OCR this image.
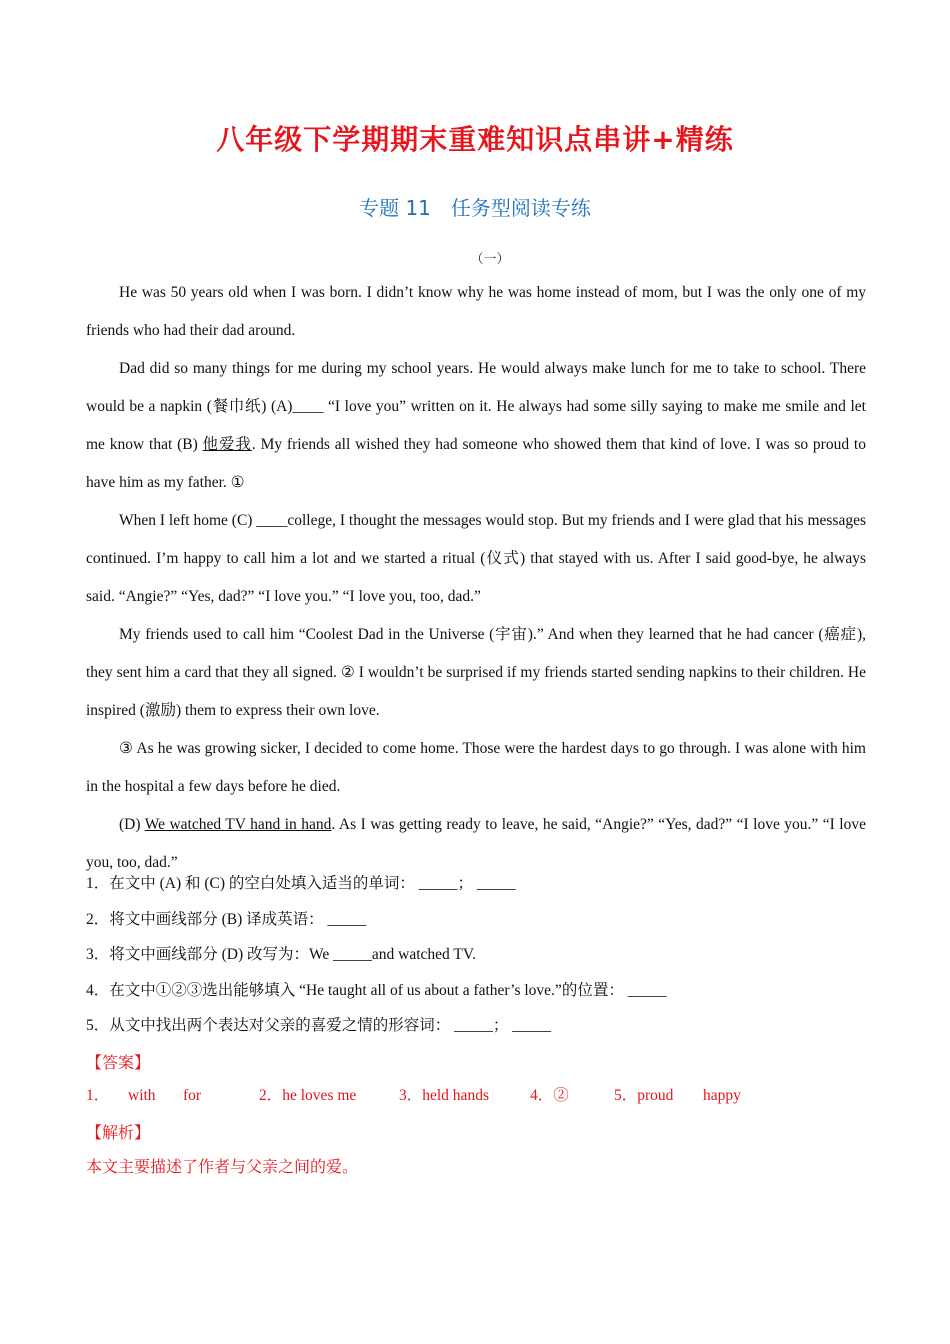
八年级下学期期末重难知识点串讲+精练
专题 11　任务型阅读专练
（一）

He was 50 years old when I was born. I didn’t know why he was home instead of mom, but I was the only one of my friends who had their dad around.

Dad did so many things for me during my school years. He would always make lunch for me to take to school. There would be a napkin (餐巾纸) (A)____ “I love you” written on it. He always had some silly saying to make me smile and let me know that (B) 他爱我. My friends all wished they had someone who showed them that kind of love. I was so proud to have him as my father. ①

When I left home (C) ____college, I thought the messages would stop. But my friends and I were glad that his messages continued. I’m happy to call him a lot and we started a ritual (仪式) that stayed with us. After I said good-bye, he always said. “Angie?” “Yes, dad?” “I love you.” “I love you, too, dad.”

My friends used to call him “Coolest Dad in the Universe (宇宙).” And when they learned that he had cancer (癌症), they sent him a card that they all signed. ② I wouldn’t be surprised if my friends started sending napkins to their children. He inspired (激励) them to express their own love.

③ As he was growing sicker, I decided to come home. Those were the hardest days to go through. I was alone with him in the hospital a few days before he died.

(D) We watched TV hand in hand. As I was getting ready to leave, he said, “Angie?” “Yes, dad?” “I love you.” “I love you, too, dad.”

1．在文中 (A) 和 (C) 的空白处填入适当的单词： _____； _____

2．将文中画线部分 (B) 译成英语： _____

3．将文中画线部分 (D) 改写为：We _____and watched TV.

4．在文中①②③选出能够填入 “He taught all of us about a father’s love.”的位置： _____

5．从文中找出两个表达对父亲的喜爱之情的形容词： _____； _____

【答案】
1． with for	2．he loves me	3．held hands	4．②	5．proud happy
【解析】
本文主要描述了作者与父亲之间的爱。
